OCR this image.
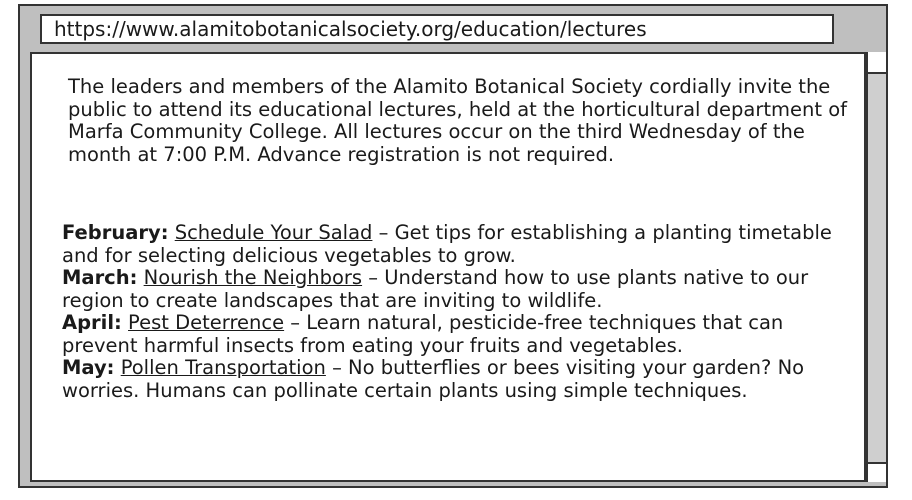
https://www.alamitobotanicalsociety.org/education/lectures

The leaders and members of the Alamito Botanical Society cordially invite the public to attend its educational lectures, held at the horticultural department of Marfa Community College. All lectures occur on the third Wednesday of the month at 7:00 P.M. Advance registration is not required.

February: Schedule Your Salad – Get tips for establishing a planting timetable and for selecting delicious vegetables to grow.
March: Nourish the Neighbors – Understand how to use plants native to our region to create landscapes that are inviting to wildlife.
April: Pest Deterrence – Learn natural, pesticide-free techniques that can prevent harmful insects from eating your fruits and vegetables.
May: Pollen Transportation – No butterflies or bees visiting your garden? No worries. Humans can pollinate certain plants using simple techniques.
